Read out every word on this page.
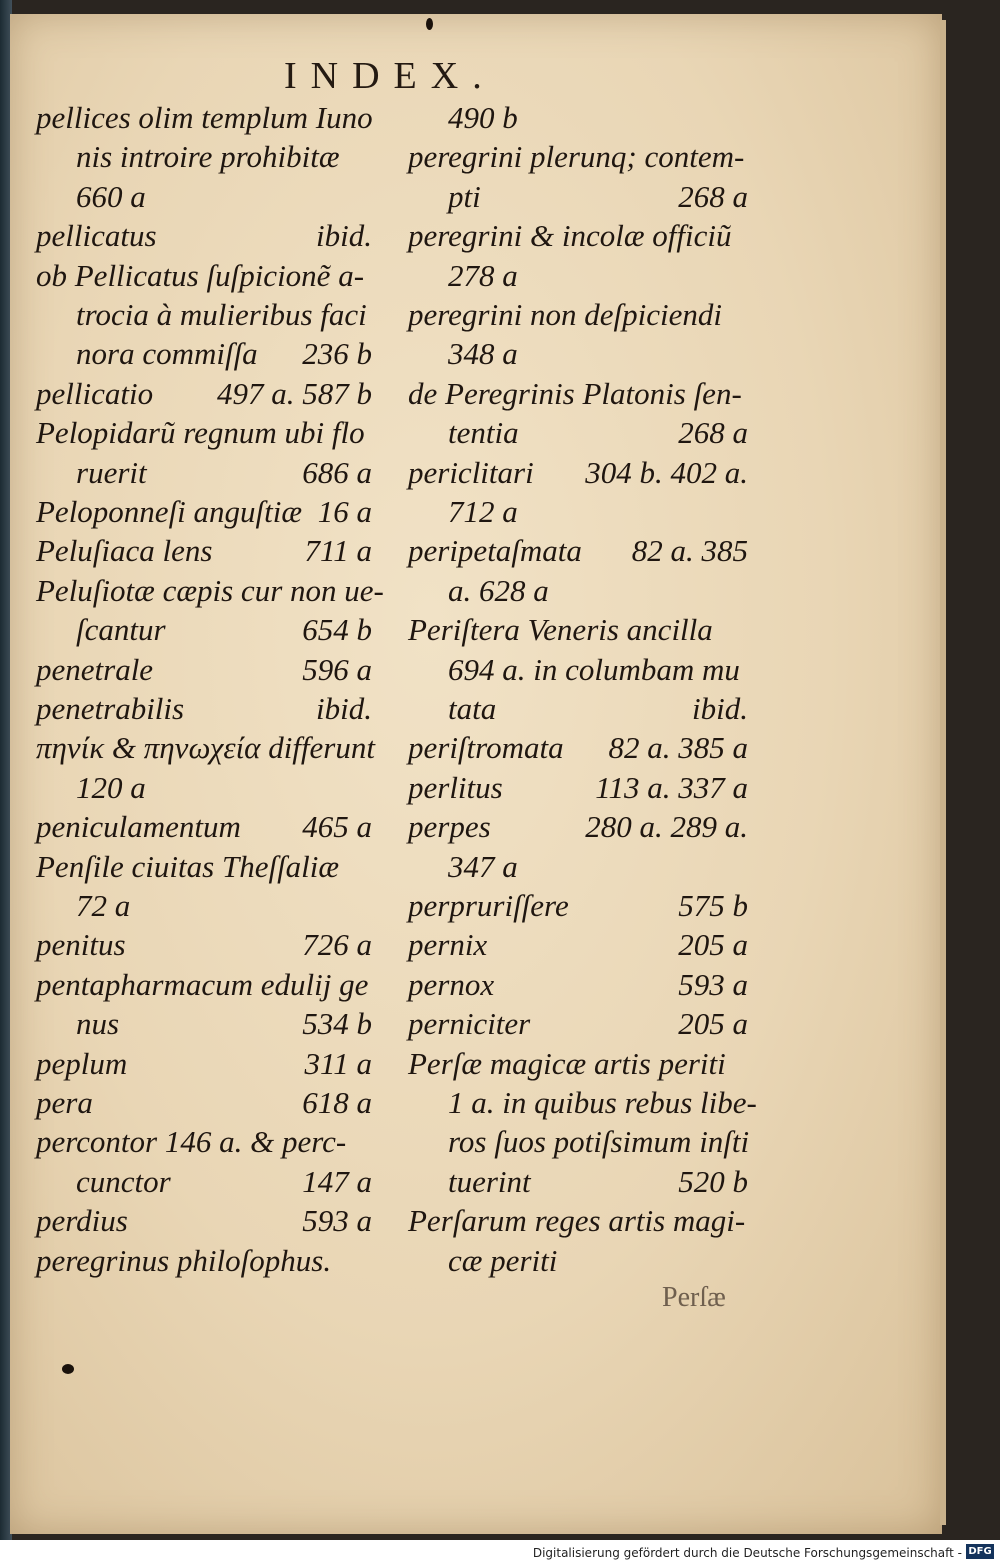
INDEX.
pellices olim templum Iuno
nis introire prohibitæ
660 a
pellicatus	ibid.
ob Pellicatus ſuſpicionẽ a-
trocia à mulieribus faci
nora commiſſa 236 b
pellicatio 497 a. 587 b
Pelopidarũ regnum ubi flo
ruerit	686 a
Peloponneſi anguſtiæ 16 a
Peluſiaca lens	711 a
Peluſiotæ cæpis cur non ue-
ſcantur	654 b
penetrale	596 a
penetrabilis	ibid.
πηνίκ & πηνωχεία differunt
120 a
peniculamentum 465 a
Penſile ciuitas Theſſaliæ
72 a
penitus	726 a
pentapharmacum edulij ge
nus	534 b
peplum	311 a
pera	618 a
percontor 146 a. & perc-
cunctor	147 a
perdius	593 a
peregrinus philoſophus.
490 b
peregrini plerunq; contem-
pti	268 a
peregrini & incolæ officiũ
278 a
peregrini non deſpiciendi
348 a
de Peregrinis Platonis ſen-
tentia	268 a
periclitari 304 b. 402 a.
712 a
peripetaſmata 82 a. 385
a. 628 a
Periſtera Veneris ancilla
694 a. in columbam mu
tata	ibid.
periſtromata 82 a. 385 a
perlitus	113 a. 337 a
perpes	280 a. 289 a.
347 a
perpruriſſere	575 b
pernix	205 a
pernox	593 a
perniciter	205 a
Perſæ magicæ artis periti
1 a. in quibus rebus libe-
ros ſuos potiſsimum inſti
tuerint	520 b
Perſarum reges artis magi-
cæ periti
Perſæ
Digitalisierung gefördert durch die Deutsche Forschungsgemeinschaft - DFG
